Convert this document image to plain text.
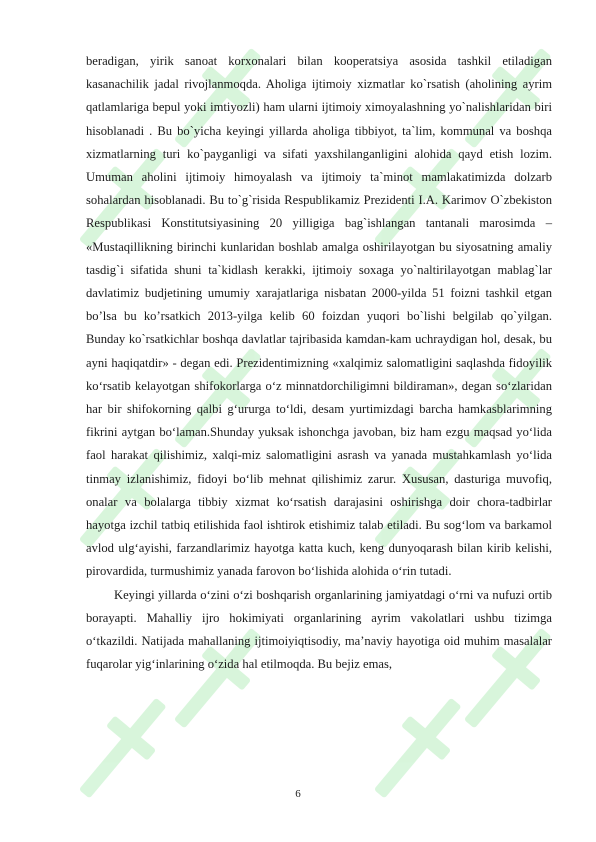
beradigan, yirik sanoat korxonalari bilan kooperatsiya asosida tashkil etiladigan kasanachilik jadal rivojlanmoqda. Aholiga ijtimoiy xizmatlar ko`rsatish (aholining ayrim qatlamlariga bepul yoki imtiyozli) ham ularni ijtimoiy ximoyalashning yo`nalishlaridan biri hisoblanadi . Bu bo`yicha keyingi yillarda aholiga tibbiyot, ta`lim, kommunal va boshqa xizmatlarning turi ko`payganligi va sifati yaxshilanganligini alohida qayd etish lozim. Umuman aholini ijtimoiy himoyalash va ijtimoiy ta`minot mamlakatimizda dolzarb sohalardan hisoblanadi. Bu to`g`risida Respublikamiz Prezidenti I.A. Karimov O`zbekiston Respublikasi Konstitutsiyasining 20 yilligiga bag`ishlangan tantanali marosimda – «Mustaqillikning birinchi kunlaridan boshlab amalga oshirilayotgan bu siyosatning amaliy tasdig`i sifatida shuni ta`kidlash kerakki, ijtimoiy soxaga yo`naltirilayotgan mablag`lar davlatimiz budjetining umumiy xarajatlariga nisbatan 2000-yilda 51 foizni tashkil etgan bo’lsa bu ko’rsatkich 2013-yilga kelib 60 foizdan yuqori bo`lishi belgilab qo`yilgan. Bunday ko`rsatkichlar boshqa davlatlar tajribasida kamdan-kam uchraydigan hol, desak, bu ayni haqiqatdir» - degan edi. Prezidentimizning «xalqimiz salomatligini saqlashda fidoyilik ko‘rsatib kelayotgan shifokorlarga o‘z minnatdorchiligimni bildiraman», degan so‘zlaridan har bir shifokorning qalbi g‘ururga to‘ldi, desam yurtimizdagi barcha hamkasblarimning fikrini aytgan bo‘laman.Shunday yuksak ishonchga javoban, biz ham ezgu maqsad yo‘lida faol harakat qilishimiz, xalqi-miz salomatligini asrash va yanada mustahkamlash yo‘lida tinmay izlanishimiz, fidoyi bo‘lib mehnat qilishimiz zarur. Xususan, dasturiga muvofiq, onalar va bolalarga tibbiy xizmat ko‘rsatish darajasini oshirishga doir chora-tadbirlar hayotga izchil tatbiq etilishida faol ishtirok etishimiz talab etiladi. Bu sog‘lom va barkamol avlod ulg‘ayishi, farzandlarimiz hayotga katta kuch, keng dunyoqarash bilan kirib kelishi, pirovardida, turmushimiz yanada farovon bo‘lishida alohida o‘rin tutadi.

Keyingi yillarda o‘zini o‘zi boshqarish organlarining jamiyatdagi o‘rni va nufuzi ortib borayapti. Mahalliy ijro hokimiyati organlarining ayrim vakolatlari ushbu tizimga o‘tkazildi. Natijada mahallaning ijtimoiyiqtisodiy, ma’naviy hayotiga oid muhim masalalar fuqarolar yig‘inlarining o‘zida hal etilmoqda. Bu bejiz emas,

6
